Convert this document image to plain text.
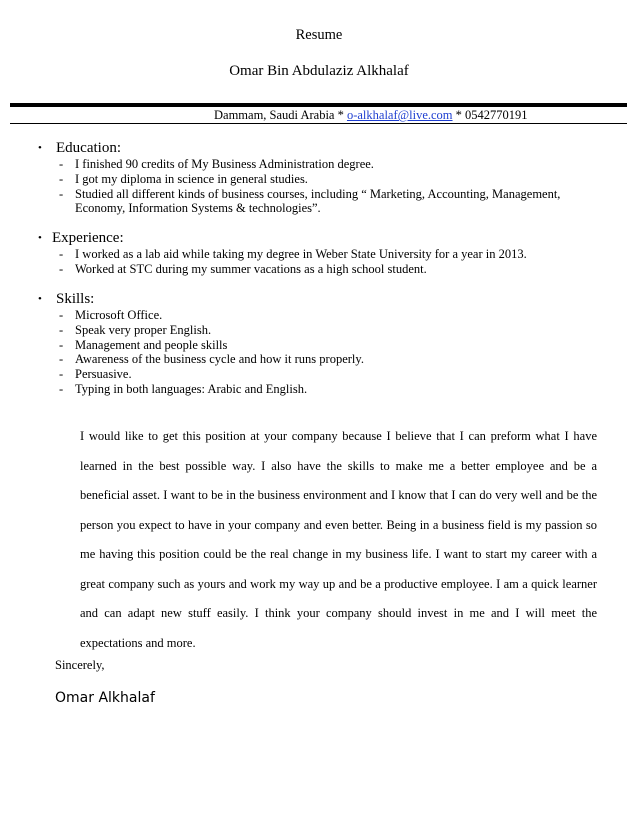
Resume
Omar Bin Abdulaziz Alkhalaf
Dammam, Saudi Arabia * o-alkhalaf@live.com * 0542770191
• Education:
- I finished 90 credits of My Business Administration degree.
- I got my diploma in science in general studies.
- Studied all different kinds of business courses, including “ Marketing, Accounting, Management, Economy, Information Systems & technologies”.
• Experience:
- I worked as a lab aid while taking my degree in Weber State University for a year in 2013.
- Worked at STC during my summer vacations as a high school student.
• Skills:
- Microsoft Office.
- Speak very proper English.
- Management and people skills
- Awareness of the business cycle and how it runs properly.
- Persuasive.
- Typing in both languages: Arabic and English.

I would like to get this position at your company because I believe that I can preform what I have learned in the best possible way. I also have the skills to make me a better employee and be a beneficial asset. I want to be in the business environment and I know that I can do very well and be the person you expect to have in your company and even better. Being in a business field is my passion so me having this position could be the real change in my business life. I want to start my career with a great company such as yours and work my way up and be a productive employee. I am a quick learner and can adapt new stuff easily. I think your company should invest in me and I will meet the expectations and more.

Sincerely,
Omar Alkhalaf
